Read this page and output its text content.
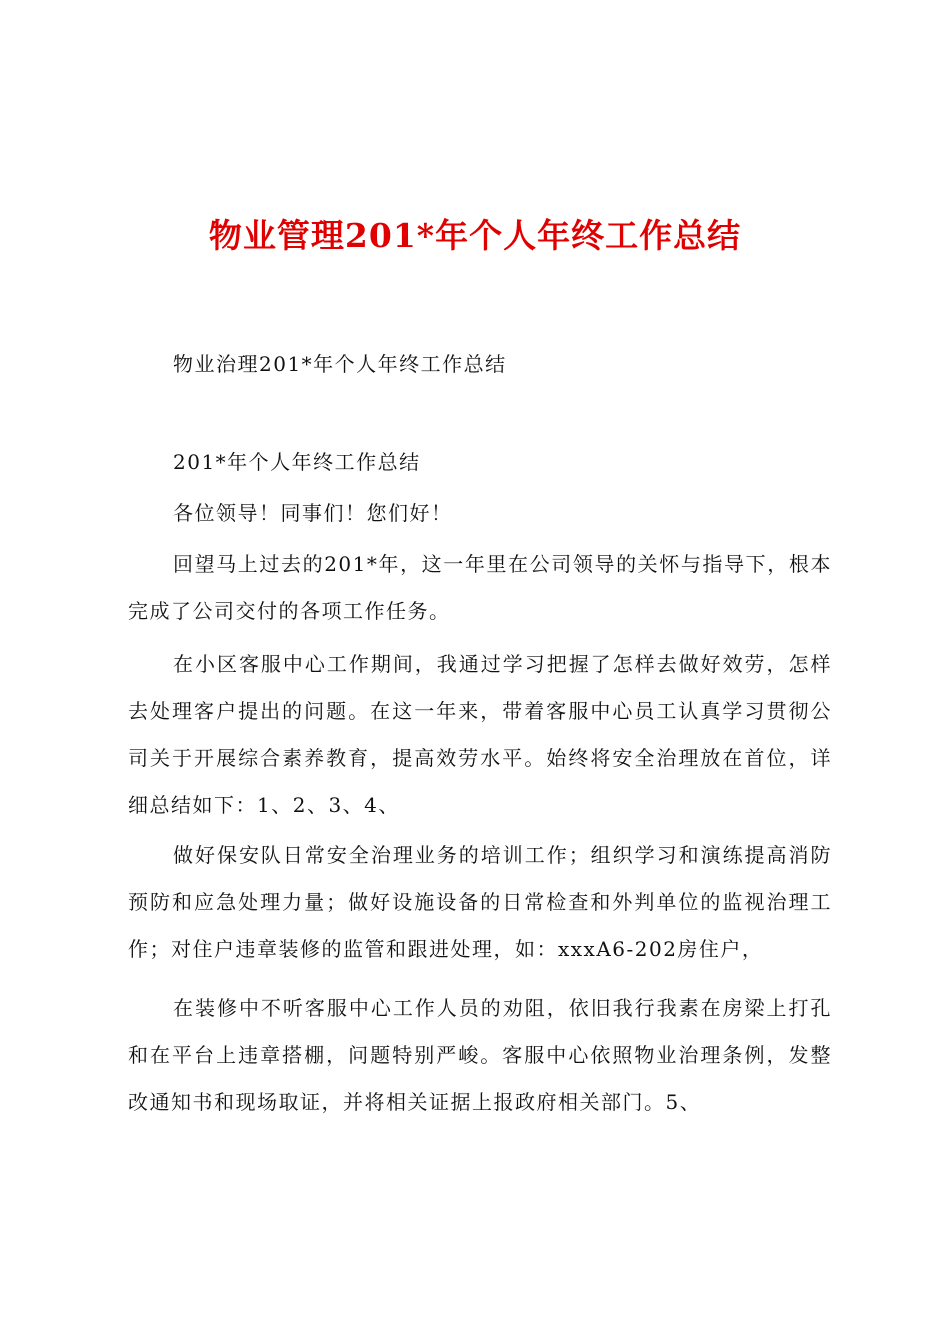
物业管理201*年个人年终工作总结

物业治理201*年个人年终工作总结

201*年个人年终工作总结

各位领导！同事们！您们好！

回望马上过去的201*年，这一年里在公司领导的关怀与指导下，根本完成了公司交付的各项工作任务。

在小区客服中心工作期间，我通过学习把握了怎样去做好效劳，怎样去处理客户提出的问题。在这一年来，带着客服中心员工认真学习贯彻公司关于开展综合素养教育，提高效劳水平。始终将安全治理放在首位，详细总结如下：1、2、3、4、

做好保安队日常安全治理业务的培训工作；组织学习和演练提高消防预防和应急处理力量；做好设施设备的日常检查和外判单位的监视治理工作；对住户违章装修的监管和跟进处理，如：xxxA6-202房住户，

在装修中不听客服中心工作人员的劝阻，依旧我行我素在房梁上打孔和在平台上违章搭棚，问题特别严峻。客服中心依照物业治理条例，发整改通知书和现场取证，并将相关证据上报政府相关部门。5、
